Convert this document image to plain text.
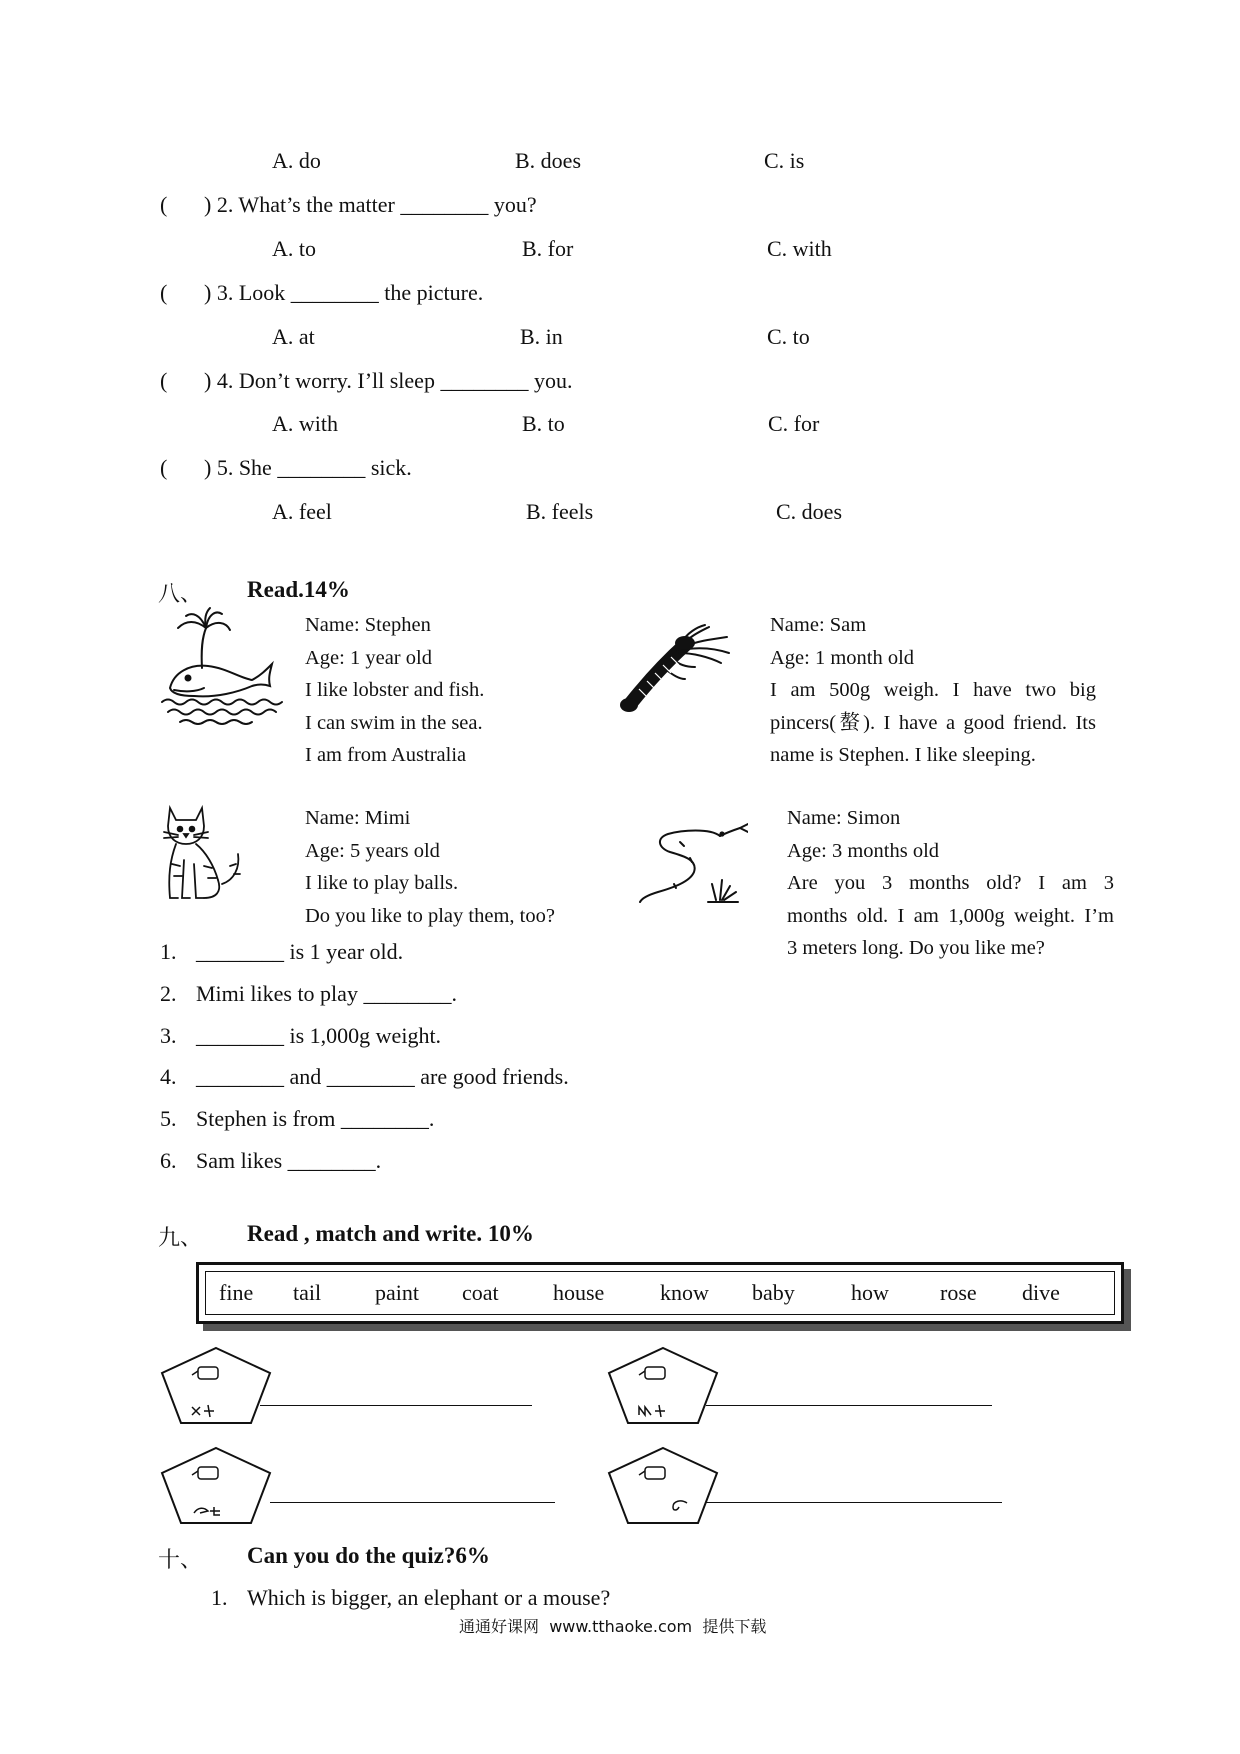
A. do	B. does	C. is
( ) 2. What’s the matter ________ you?
A. to	B. for	C. with
( ) 3. Look ________ the picture.
A. at	B. in	C. to
( ) 4. Don’t worry. I’ll sleep ________ you.
A. with	B. to	C. for
( ) 5. She ________ sick.
A. feel	B. feels	C. does
八、 Read.14%
Name: Stephen
Age: 1 year old
I like lobster and fish.
I can swim in the sea.
I am from Australia
Name: Sam
Age: 1 month old
I am 500g weigh. I have two big
pincers(螯). I have a good friend. Its
name is Stephen. I like sleeping.
Name: Mimi
Age: 5 years old
I like to play balls.
Do you like to play them, too?
Name: Simon
Age: 3 months old
Are you 3 months old? I am 3
months old. I am 1,000g weight. I’m
3 meters long. Do you like me?
1. ________ is 1 year old.
2. Mimi likes to play ________.
3. ________ is 1,000g weight.
4. ________ and ________ are good friends.
5. Stephen is from ________.
6. Sam likes ________.
九、 Read , match and write. 10%
fine tail paint coat house	know baby	how rose dive
十、 Can you do the quiz?6%
1. Which is bigger, an elephant or a mouse?
通通好课网 www.tthaoke.com 提供下载
